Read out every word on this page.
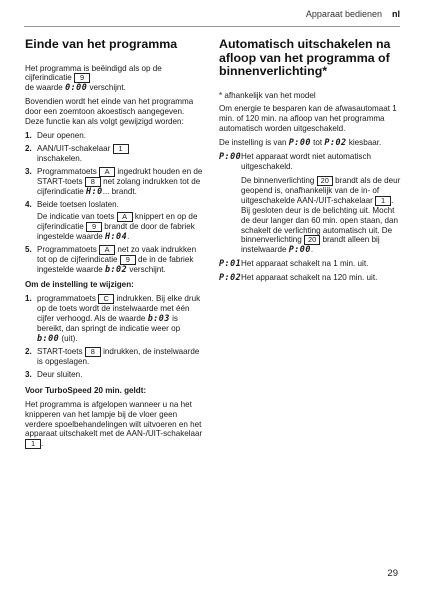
Apparaat bedienen nl
Einde van het programma

Het programma is beëindigd als op de cijferindicatie 9
de waarde 0:00 verschijnt.

Bovendien wordt het einde van het programma door een zoemtoon akoestisch aangegeven. Deze functie kan als volgt gewijzigd worden:

1. Deur openen.
2. AAN/UIT-schakelaar 1
inschakelen.
3. Programmatoets A ingedrukt houden en de START-toets 8 net zolang indrukken tot de cijferindicatie H:0... brandt.
4. Beide toetsen loslaten.
De indicatie van toets A knippert en op de cijferindicatie 9 brandt de door de fabriek ingestelde waarde H:04.
5. Programmatoets A net zo vaak indrukken tot op de cijferindicatie 9 de in de fabriek ingestelde waarde b:02 verschijnt.
Om de instelling te wijzigen:
1. programmatoets C indrukken. Bij elke druk op de toets wordt de instelwaarde met één cijfer verhoogd. Als de waarde b:03 is bereikt, dan springt de indicatie weer op b:00 (uit).
2. START-toets 8 indrukken, de instelwaarde is opgeslagen.
3. Deur sluiten.
Voor TurboSpeed 20 min. geldt:

Het programma is afgelopen wanneer u na het knipperen van het lampje bij de vloer geen verdere spoelbehandelingen wilt uitvoeren en het apparaat uitschakelt met de AAN-/UIT-schakelaar 1 .

Automatisch uitschakelen na afloop van het programma of binnenverlichting*

* afhankelijk van het model

Om energie te besparen kan de afwasautomaat 1 min. of 120 min. na afloop van het programma automatisch worden uitgeschakeld.

De instelling is van P:00 tot P:02 kiesbaar.

P:00 Het apparaat wordt niet automatisch uitgeschakeld.
De binnenverlichting 20 brandt als de deur geopend is, onafhankelijk van de in- of uitgeschakelde AAN-/UIT-schakelaar 1 . Bij gesloten deur is de belichting uit. Mocht de deur langer dan 60 min. open staan, dan schakelt de verlichting automatisch uit. De binnenverlichting 20 brandt alleen bij instelwaarde P:00.
P:01 Het apparaat schakelt na 1 min. uit.
P:02 Het apparaat schakelt na 120 min. uit.
29
